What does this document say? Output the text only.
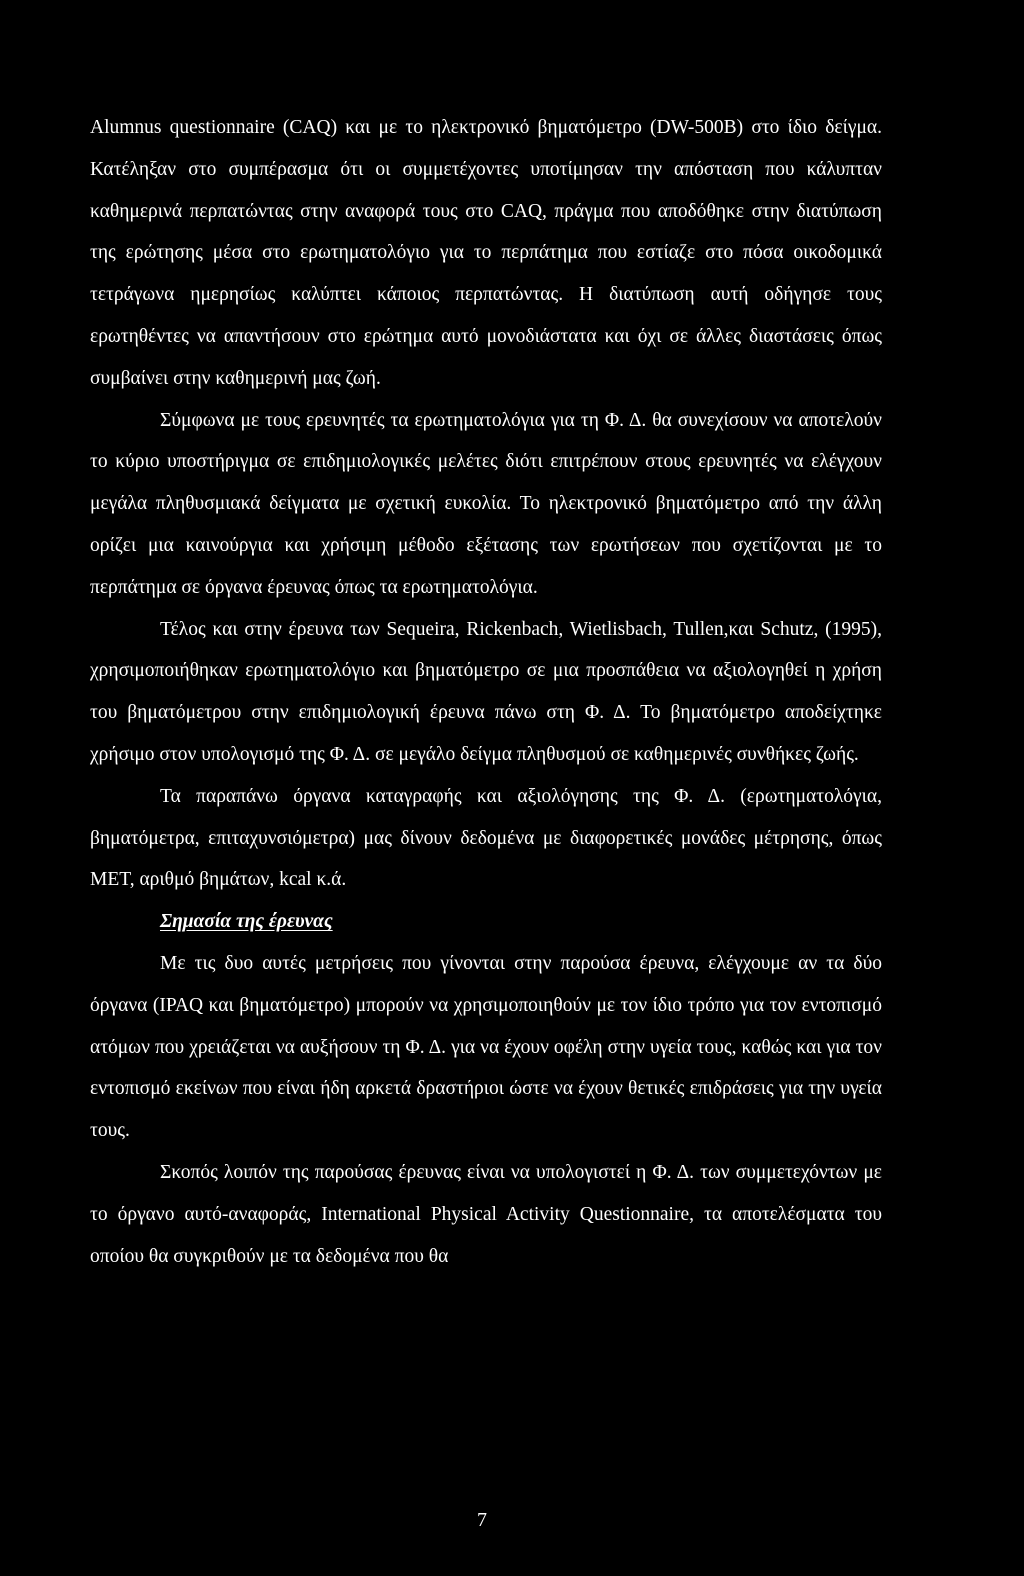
Alumnus questionnaire (CAQ) και με το ηλεκτρονικό βηματόμετρο (DW-500B) στο ίδιο δείγμα. Κατέληξαν στο συμπέρασμα ότι οι συμμετέχοντες υποτίμησαν την απόσταση που κάλυπταν καθημερινά περπατώντας στην αναφορά τους στο CAQ, πράγμα που αποδόθηκε στην διατύπωση της ερώτησης μέσα στο ερωτηματολόγιο για το περπάτημα που εστίαζε στο πόσα οικοδομικά τετράγωνα ημερησίως καλύπτει κάποιος περπατώντας. Η διατύπωση αυτή οδήγησε τους ερωτηθέντες να απαντήσουν στο ερώτημα αυτό μονοδιάστατα και όχι σε άλλες διαστάσεις όπως συμβαίνει στην καθημερινή μας ζωή.

Σύμφωνα με τους ερευνητές τα ερωτηματολόγια για τη Φ. Δ. θα συνεχίσουν να αποτελούν το κύριο υποστήριγμα σε επιδημιολογικές μελέτες διότι επιτρέπουν στους ερευνητές να ελέγχουν μεγάλα πληθυσμιακά δείγματα με σχετική ευκολία. Το ηλεκτρονικό βηματόμετρο από την άλλη ορίζει μια καινούργια και χρήσιμη μέθοδο εξέτασης των ερωτήσεων που σχετίζονται με το περπάτημα σε όργανα έρευνας όπως τα ερωτηματολόγια.

Τέλος και στην έρευνα των Sequeira, Rickenbach, Wietlisbach, Tullen,και Schutz, (1995), χρησιμοποιήθηκαν ερωτηματολόγιο και βηματόμετρο σε μια προσπάθεια να αξιολογηθεί η χρήση του βηματόμετρου στην επιδημιολογική έρευνα πάνω στη Φ. Δ. Το βηματόμετρο αποδείχτηκε χρήσιμο στον υπολογισμό της Φ. Δ. σε μεγάλο δείγμα πληθυσμού σε καθημερινές συνθήκες ζωής.

Τα παραπάνω όργανα καταγραφής και αξιολόγησης της Φ. Δ. (ερωτηματολόγια, βηματόμετρα, επιταχυνσιόμετρα) μας δίνουν δεδομένα με διαφορετικές μονάδες μέτρησης, όπως MET, αριθμό βημάτων, kcal κ.ά.

Σημασία της έρευνας

Με τις δυο αυτές μετρήσεις που γίνονται στην παρούσα έρευνα, ελέγχουμε αν τα δύο όργανα (IPAQ και βηματόμετρο) μπορούν να χρησιμοποιηθούν με τον ίδιο τρόπο για τον εντοπισμό ατόμων που χρειάζεται να αυξήσουν τη Φ. Δ. για να έχουν οφέλη στην υγεία τους, καθώς και για τον εντοπισμό εκείνων που είναι ήδη αρκετά δραστήριοι ώστε να έχουν θετικές επιδράσεις για την υγεία τους.

Σκοπός λοιπόν της παρούσας έρευνας είναι να υπολογιστεί η Φ. Δ. των συμμετεχόντων με το όργανο αυτό-αναφοράς, International Physical Activity Questionnaire, τα αποτελέσματα του οποίου θα συγκριθούν με τα δεδομένα που θα

7
